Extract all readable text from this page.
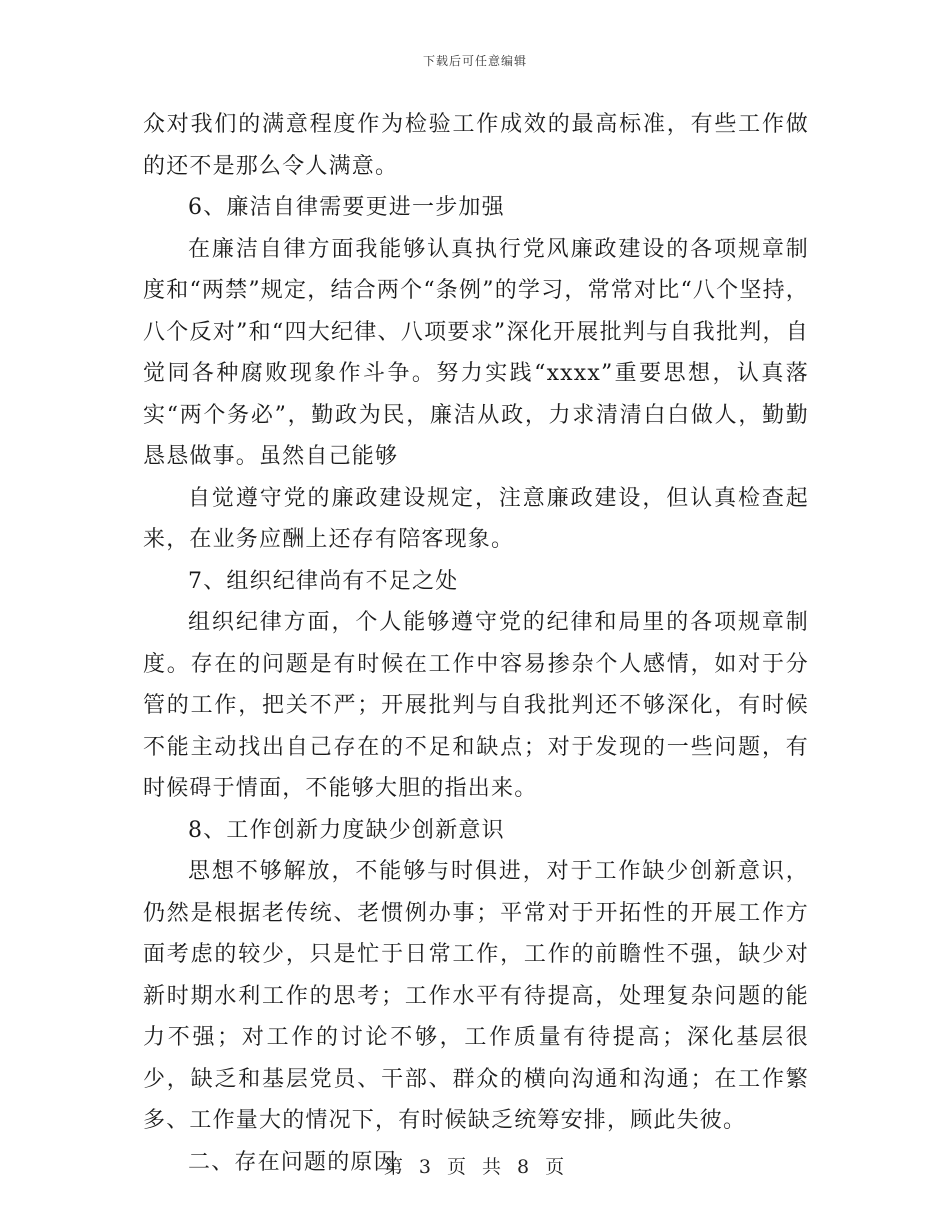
下载后可任意编辑

众对我们的满意程度作为检验工作成效的最高标准，有些工作做的还不是那么令人满意。

6、廉洁自律需要更进一步加强

在廉洁自律方面我能够认真执行党风廉政建设的各项规章制度和“两禁”规定，结合两个“条例”的学习，常常对比“八个坚持，八个反对”和“四大纪律、八项要求”深化开展批判与自我批判，自觉同各种腐败现象作斗争。努力实践“xxxx”重要思想，认真落实“两个务必”，勤政为民，廉洁从政，力求清清白白做人，勤勤恳恳做事。虽然自己能够

自觉遵守党的廉政建设规定，注意廉政建设，但认真检查起来，在业务应酬上还存有陪客现象。

7、组织纪律尚有不足之处

组织纪律方面，个人能够遵守党的纪律和局里的各项规章制度。存在的问题是有时候在工作中容易掺杂个人感情，如对于分管的工作，把关不严；开展批判与自我批判还不够深化，有时候不能主动找出自己存在的不足和缺点；对于发现的一些问题，有时候碍于情面，不能够大胆的指出来。

8、工作创新力度缺少创新意识

思想不够解放，不能够与时俱进，对于工作缺少创新意识，仍然是根据老传统、老惯例办事；平常对于开拓性的开展工作方面考虑的较少，只是忙于日常工作，工作的前瞻性不强，缺少对新时期水利工作的思考；工作水平有待提高，处理复杂问题的能力不强；对工作的讨论不够，工作质量有待提高；深化基层很少，缺乏和基层党员、干部、群众的横向沟通和沟通；在工作繁多、工作量大的情况下，有时候缺乏统筹安排，顾此失彼。

二、存在问题的原因

第 3 页 共 8 页
